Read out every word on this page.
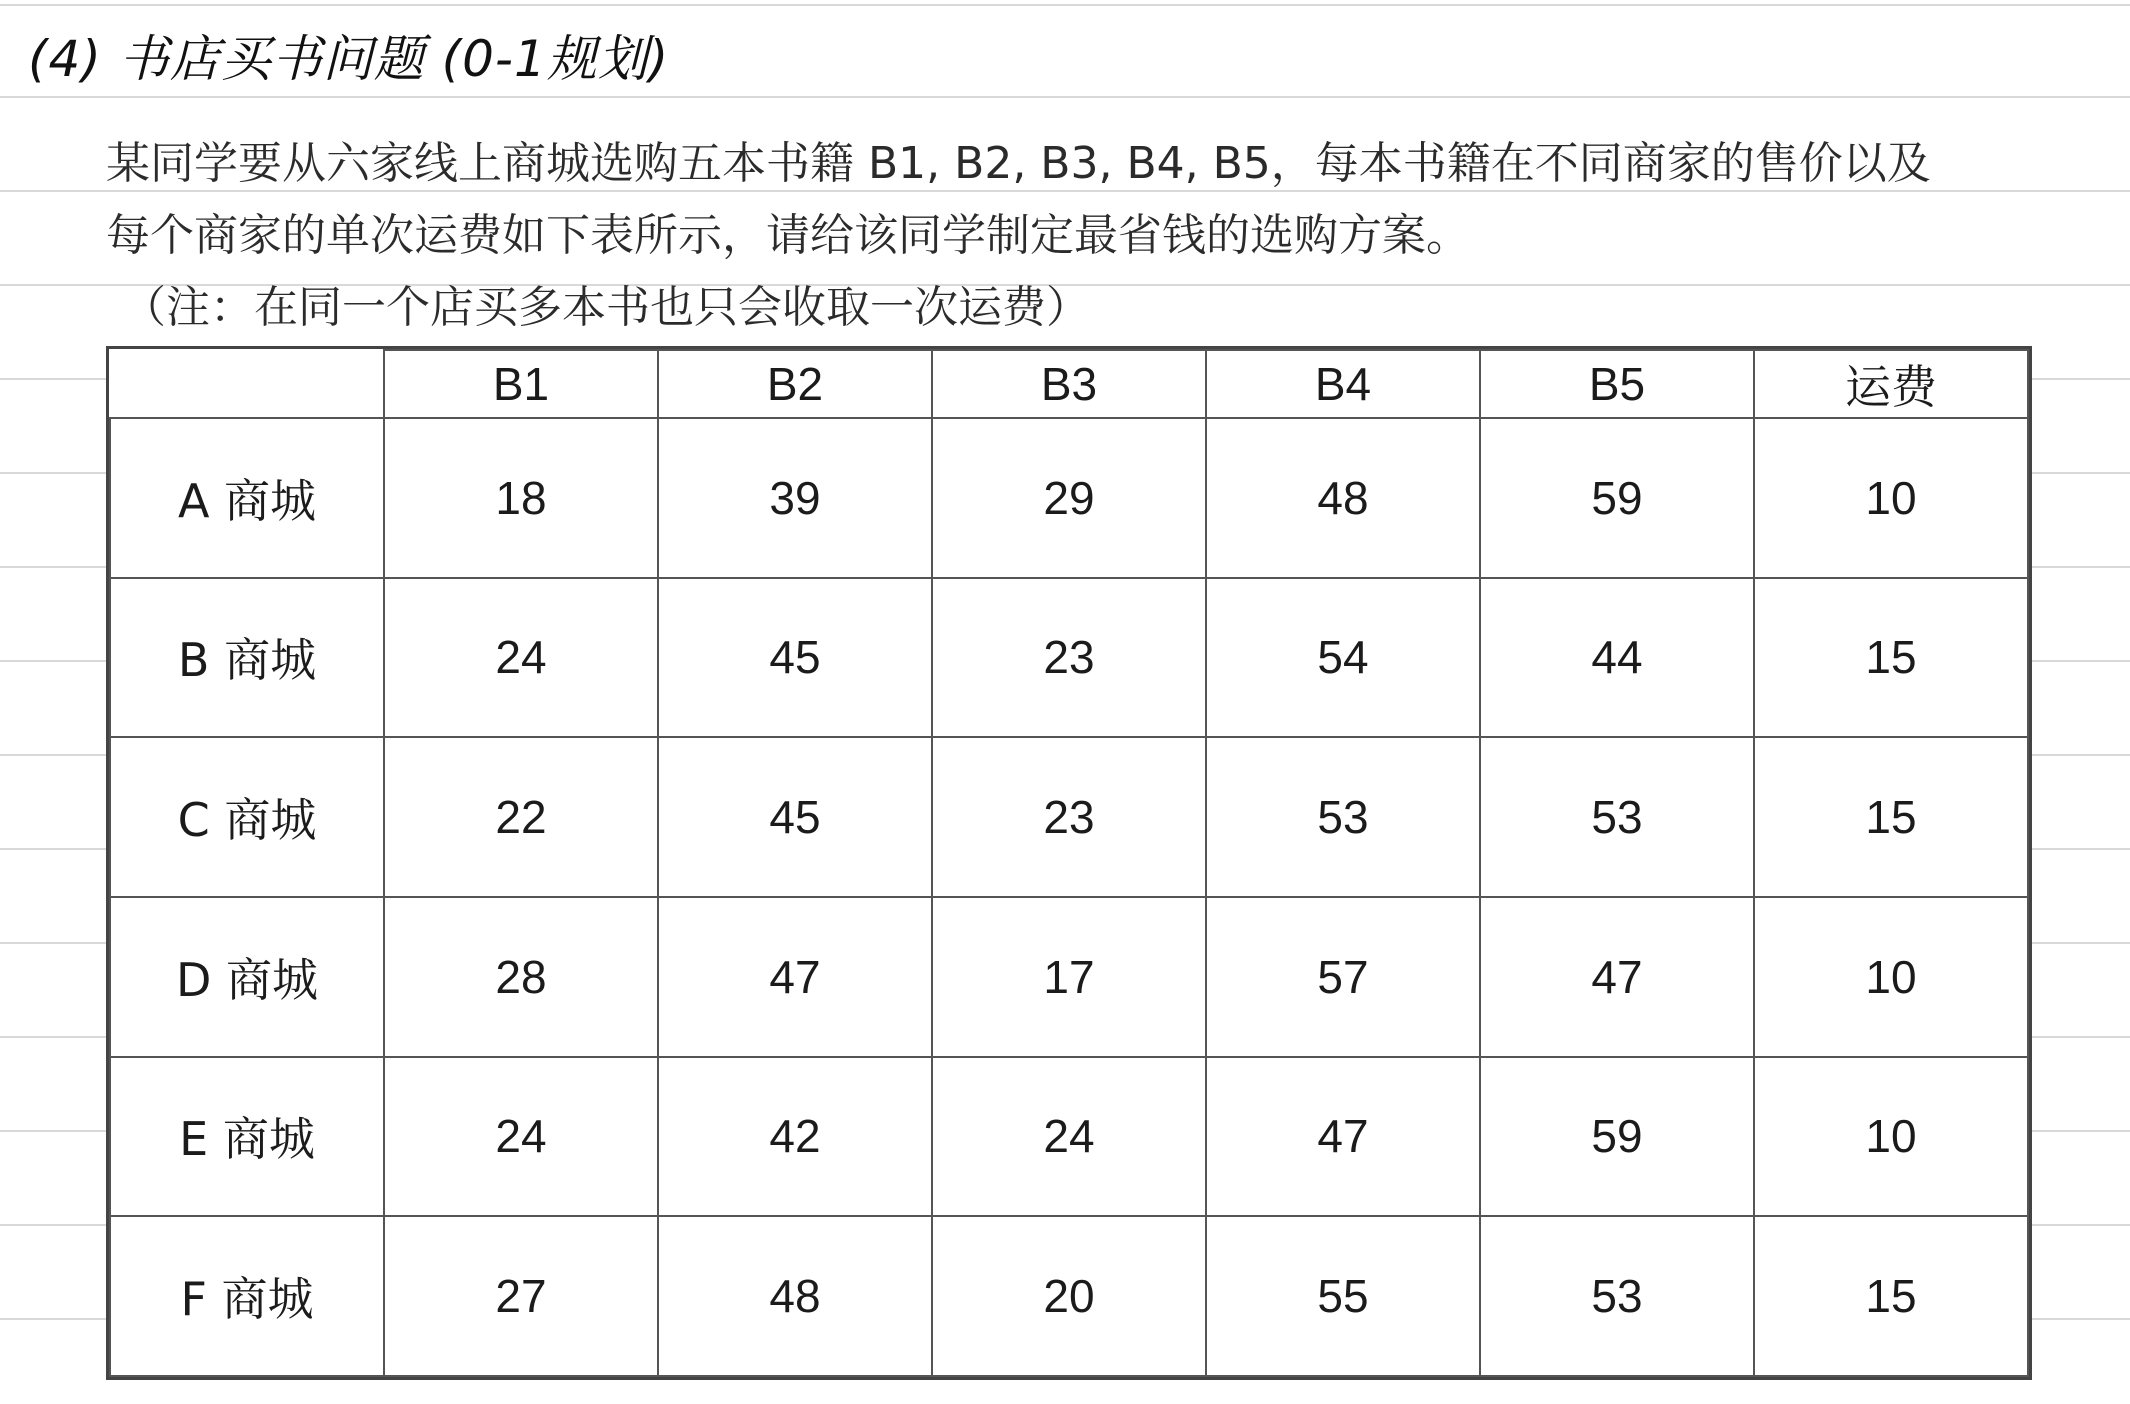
(4) 书店买书问题 (0-1规划)
某同学要从六家线上商城选购五本书籍 B1, B2, B3, B4, B5，每本书籍在不同商家的售价以及
每个商家的单次运费如下表所示，请给该同学制定最省钱的选购方案。
（注：在同一个店买多本书也只会收取一次运费）
	B1	B2	B3	B4	B5	运费
A 商城	18	39	29	48	59	10
B 商城	24	45	23	54	44	15
C 商城	22	45	23	53	53	15
D 商城	28	47	17	57	47	10
E 商城	24	42	24	47	59	10
F 商城	27	48	20	55	53	15
